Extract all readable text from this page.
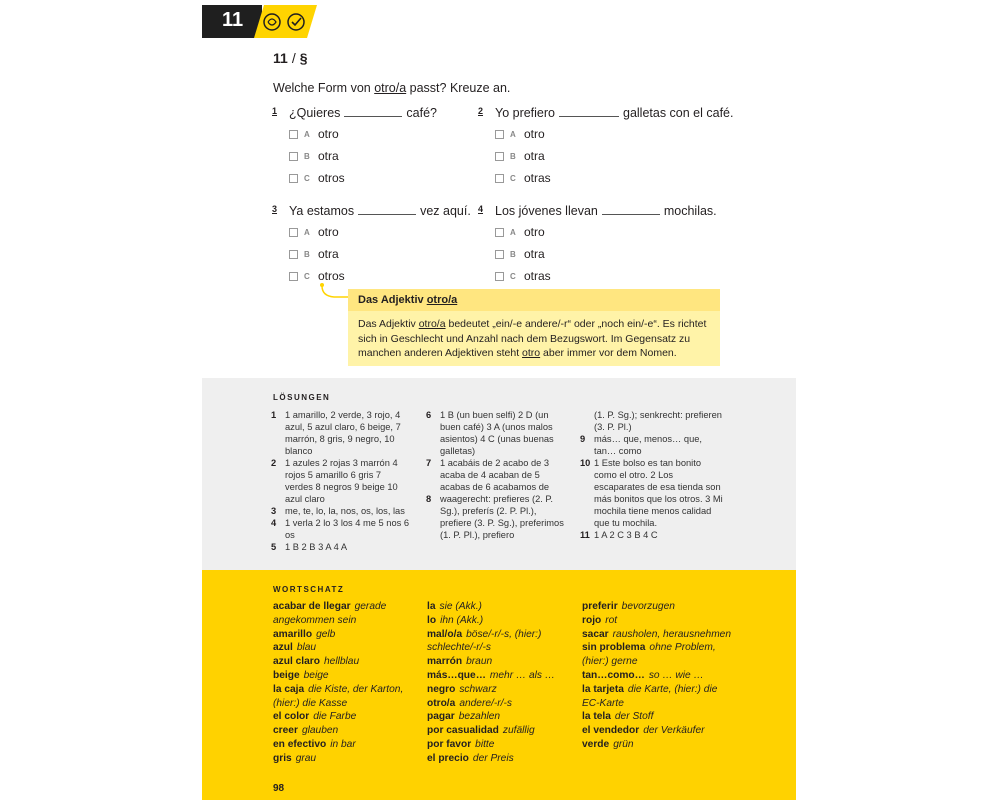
11
11 / §
Welche Form von otro/a passt? Kreuze an.
1 ¿Quieres	café?
A otro
B otra
C otros
2 Yo prefiero	galletas con el café.
A otro
B otra
C otras
3 Ya estamos	vez aquí.
A otro
B otra
C otros
4 Los jóvenes llevan	mochilas.
A otro
B otra
C otras
Das Adjektiv otro/a
Das Adjektiv otro/a bedeutet „ein/-e andere/-r“ oder „noch ein/-e“. Es richtet sich in Geschlecht und Anzahl nach dem Bezugswort. Im Gegensatz zu manchen anderen Adjektiven steht otro aber immer vor dem Nomen.
LÖSUNGEN
1 1 amarillo, 2 verde, 3 rojo, 4 azul, 5 azul claro, 6 beige, 7 marrón, 8 gris, 9 negro, 10 blanco
2 1 azules 2 rojas 3 marrón 4 rojos 5 amarillo 6 gris 7 verdes 8 negros 9 beige 10 azul claro
3 me, te, lo, la, nos, os, los, las
4 1 verla 2 lo 3 los 4 me 5 nos 6 os
5 1 B 2 B 3 A 4 A
6 1 B (un buen selfi) 2 D (un buen café) 3 A (unos malos asientos) 4 C (unas buenas galletas)
7 1 acabáis de 2 acabo de 3 acaba de 4 acaban de 5 acabas de 6 acabamos de
8 waagerecht: prefieres (2. P. Sg.), preferís (2. P. Pl.), prefiere (3. P. Sg.), preferimos (1. P. Pl.), prefiero
(1. P. Sg.); senkrecht: prefieren (3. P. Pl.)
9 más… que, menos… que, tan… como
10 1 Este bolso es tan bonito como el otro. 2 Los escaparates de esa tienda son más bonitos que los otros. 3 Mi mochila tiene menos calidad que tu mochila.
11 1 A 2 C 3 B 4 C
WORTSCHATZ
acabar de llegar gerade angekommen sein
amarillo gelb
azul blau
azul claro hellblau
beige beige
la caja die Kiste, der Karton, (hier:) die Kasse
el color die Farbe
creer glauben
en efectivo in bar
gris grau
la sie (Akk.)
lo ihn (Akk.)
mal/o/a böse/-r/-s, (hier:) schlechte/-r/-s
marrón braun
más…que… mehr … als …
negro schwarz
otro/a andere/-r/-s
pagar bezahlen
por casualidad zufällig
por favor bitte
el precio der Preis
preferir bevorzugen
rojo rot
sacar rausholen, herausnehmen
sin problema ohne Problem, (hier:) gerne
tan…como… so … wie …
la tarjeta die Karte, (hier:) die EC-Karte
la tela der Stoff
el vendedor der Verkäufer
verde grün
98
